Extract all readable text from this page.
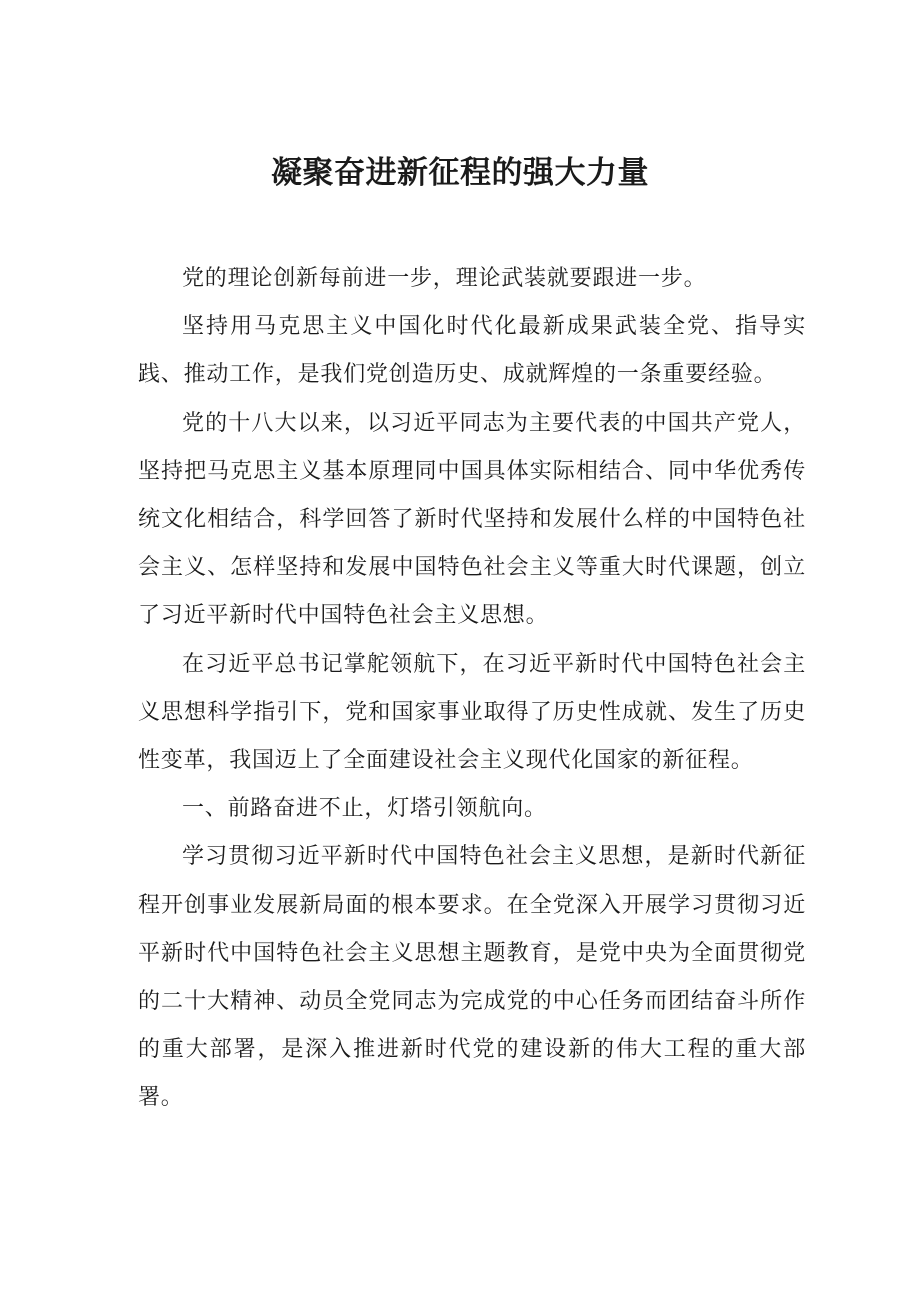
凝聚奋进新征程的强大力量

党的理论创新每前进一步，理论武装就要跟进一步。

坚持用马克思主义中国化时代化最新成果武装全党、指导实践、推动工作，是我们党创造历史、成就辉煌的一条重要经验。

党的十八大以来，以习近平同志为主要代表的中国共产党人，坚持把马克思主义基本原理同中国具体实际相结合、同中华优秀传统文化相结合，科学回答了新时代坚持和发展什么样的中国特色社会主义、怎样坚持和发展中国特色社会主义等重大时代课题，创立了习近平新时代中国特色社会主义思想。

在习近平总书记掌舵领航下，在习近平新时代中国特色社会主义思想科学指引下，党和国家事业取得了历史性成就、发生了历史性变革，我国迈上了全面建设社会主义现代化国家的新征程。

一、前路奋进不止，灯塔引领航向。

学习贯彻习近平新时代中国特色社会主义思想，是新时代新征程开创事业发展新局面的根本要求。在全党深入开展学习贯彻习近平新时代中国特色社会主义思想主题教育，是党中央为全面贯彻党的二十大精神、动员全党同志为完成党的中心任务而团结奋斗所作的重大部署，是深入推进新时代党的建设新的伟大工程的重大部署。
